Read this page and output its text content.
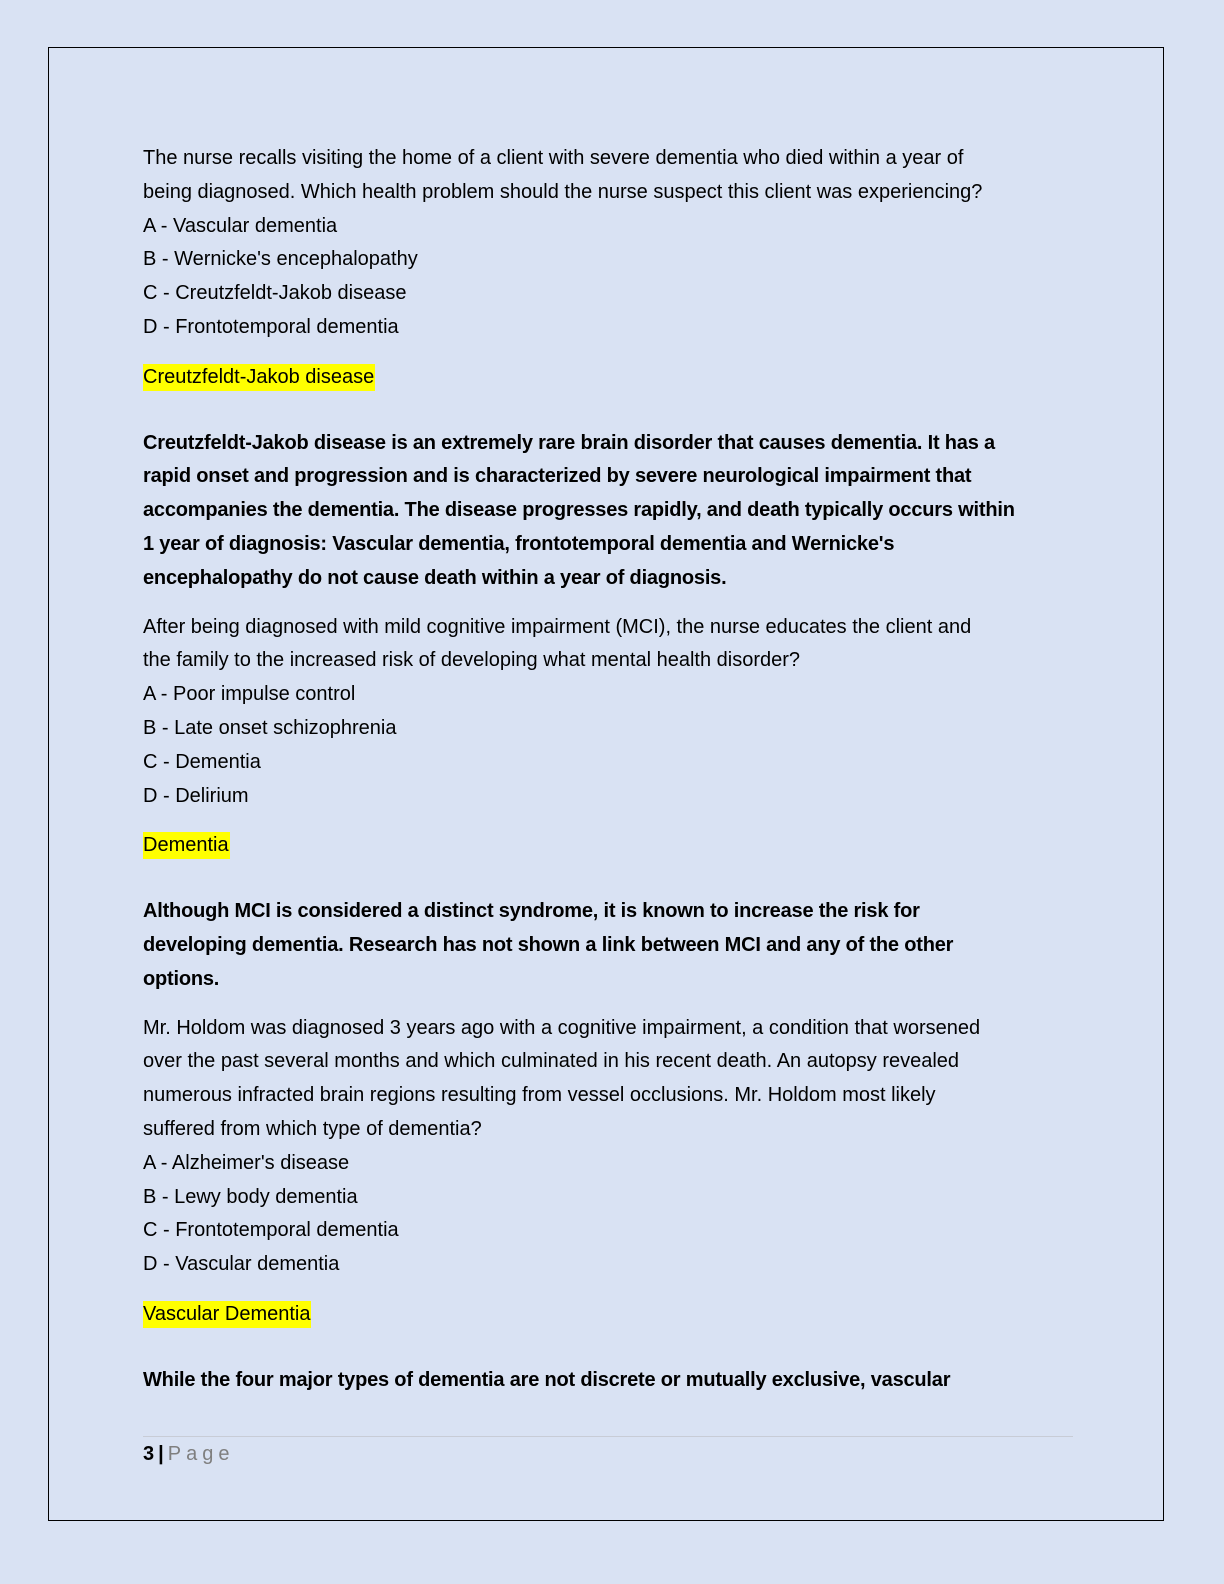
The nurse recalls visiting the home of a client with severe dementia who died within a year of

being diagnosed. Which health problem should the nurse suspect this client was experiencing?

A - Vascular dementia
B - Wernicke's encephalopathy
C - Creutzfeldt-Jakob disease
D - Frontotemporal dementia

Creutzfeldt-Jakob disease

Creutzfeldt-Jakob disease is an extremely rare brain disorder that causes dementia. It has a
rapid onset and progression and is characterized by severe neurological impairment that
accompanies the dementia. The disease progresses rapidly, and death typically occurs within
1 year of diagnosis: Vascular dementia, frontotemporal dementia and Wernicke's
encephalopathy do not cause death within a year of diagnosis.

After being diagnosed with mild cognitive impairment (MCI), the nurse educates the client and

the family to the increased risk of developing what mental health disorder?

A - Poor impulse control
B - Late onset schizophrenia
C - Dementia
D - Delirium

Dementia

Although MCI is considered a distinct syndrome, it is known to increase the risk for
developing dementia. Research has not shown a link between MCI and any of the other
options.

Mr. Holdom was diagnosed 3 years ago with a cognitive impairment, a condition that worsened

over the past several months and which culminated in his recent death. An autopsy revealed

numerous infracted brain regions resulting from vessel occlusions. Mr. Holdom most likely

suffered from which type of dementia?

A - Alzheimer's disease
B - Lewy body dementia
C - Frontotemporal dementia
D - Vascular dementia

Vascular Dementia

While the four major types of dementia are not discrete or mutually exclusive, vascular
3 | Page
